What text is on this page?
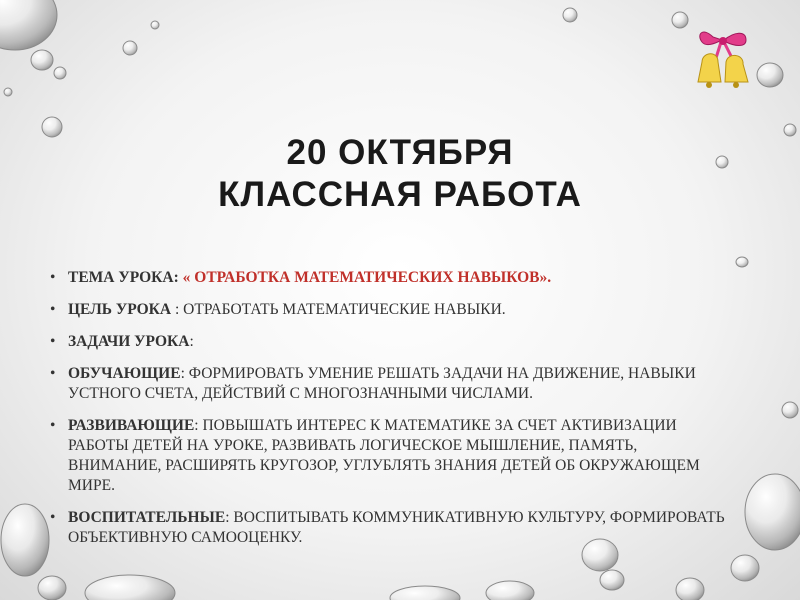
20 ОКТЯБРЯ
КЛАССНАЯ РАБОТА
• ТЕМА УРОКА: « ОТРАБОТКА МАТЕМАТИЧЕСКИХ НАВЫКОВ».
• ЦЕЛЬ УРОКА : ОТРАБОТАТЬ МАТЕМАТИЧЕСКИЕ НАВЫКИ.
• ЗАДАЧИ УРОКА:
• ОБУЧАЮЩИЕ: ФОРМИРОВАТЬ УМЕНИЕ РЕШАТЬ ЗАДАЧИ НА ДВИЖЕНИЕ, НАВЫКИ УСТНОГО СЧЕТА, ДЕЙСТВИЙ С МНОГОЗНАЧНЫМИ ЧИСЛАМИ.
• РАЗВИВАЮЩИЕ: ПОВЫШАТЬ ИНТЕРЕС К МАТЕМАТИКЕ ЗА СЧЕТ АКТИВИЗАЦИИ РАБОТЫ ДЕТЕЙ НА УРОКЕ, РАЗВИВАТЬ ЛОГИЧЕСКОЕ МЫШЛЕНИЕ, ПАМЯТЬ, ВНИМАНИЕ, РАСШИРЯТЬ КРУГОЗОР, УГЛУБЛЯТЬ ЗНАНИЯ ДЕТЕЙ ОБ ОКРУЖАЮЩЕМ МИРЕ.
• ВОСПИТАТЕЛЬНЫЕ: ВОСПИТЫВАТЬ КОММУНИКАТИВНУЮ КУЛЬТУРУ, ФОРМИРОВАТЬ ОБЪЕКТИВНУЮ САМООЦЕНКУ.
